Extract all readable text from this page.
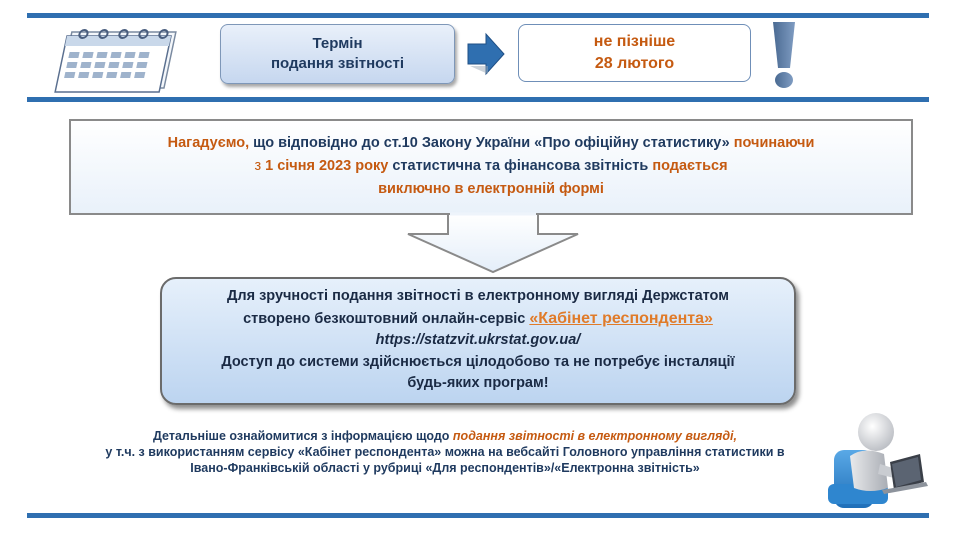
Термін
подання звітності
не пізніше
28 лютого
Нагадуємо, що відповідно до ст.10 Закону України «Про офіційну статистику» починаючи
з 1 січня 2023 року статистична та фінансова звітність подається
виключно в електронній формі
Для зручності подання звітності в електронному вигляді Держстатом
створено безкоштовний онлайн-сервіс «Кабінет респондента»
https://statzvit.ukrstat.gov.ua/
Доступ до системи здійснюється цілодобово та не потребує інсталяції
будь-яких програм!
Детальніше ознайомитися з інформацією щодо подання звітності в електронному вигляді,
у т.ч. з використанням сервісу «Кабінет респондента» можна на вебсайті Головного управління статистики в
Івано-Франківській області у рубриці «Для респондентів»/«Електронна звітність»
